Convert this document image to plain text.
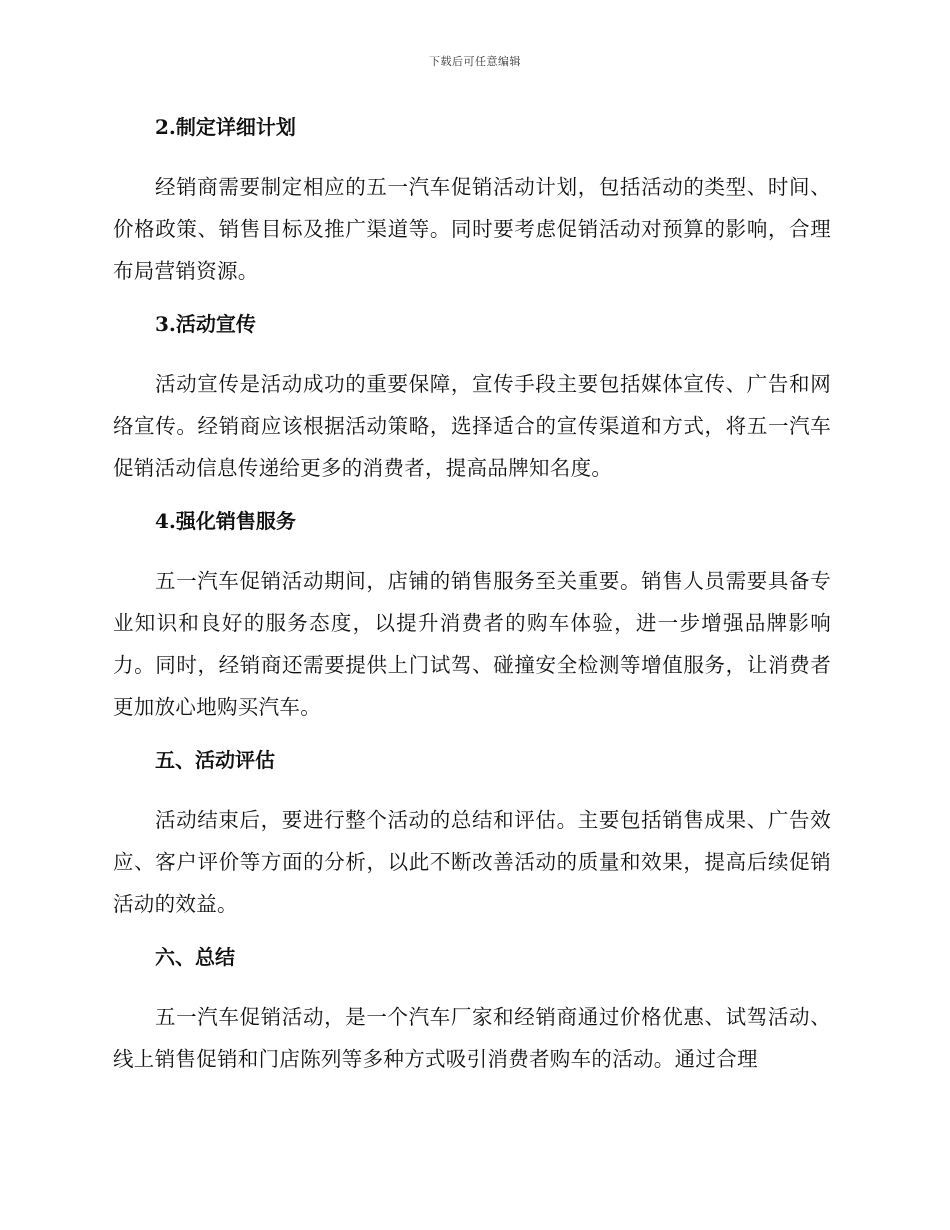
下载后可任意编辑
2.制定详细计划

经销商需要制定相应的五一汽车促销活动计划，包括活动的类型、时间、价格政策、销售目标及推广渠道等。同时要考虑促销活动对预算的影响，合理布局营销资源。

3.活动宣传

活动宣传是活动成功的重要保障，宣传手段主要包括媒体宣传、广告和网络宣传。经销商应该根据活动策略，选择适合的宣传渠道和方式，将五一汽车促销活动信息传递给更多的消费者，提高品牌知名度。

4.强化销售服务

五一汽车促销活动期间，店铺的销售服务至关重要。销售人员需要具备专业知识和良好的服务态度，以提升消费者的购车体验，进一步增强品牌影响力。同时，经销商还需要提供上门试驾、碰撞安全检测等增值服务，让消费者更加放心地购买汽车。

五、活动评估

活动结束后，要进行整个活动的总结和评估。主要包括销售成果、广告效应、客户评价等方面的分析，以此不断改善活动的质量和效果，提高后续促销活动的效益。

六、总结

五一汽车促销活动，是一个汽车厂家和经销商通过价格优惠、试驾活动、线上销售促销和门店陈列等多种方式吸引消费者购车的活动。通过合理
